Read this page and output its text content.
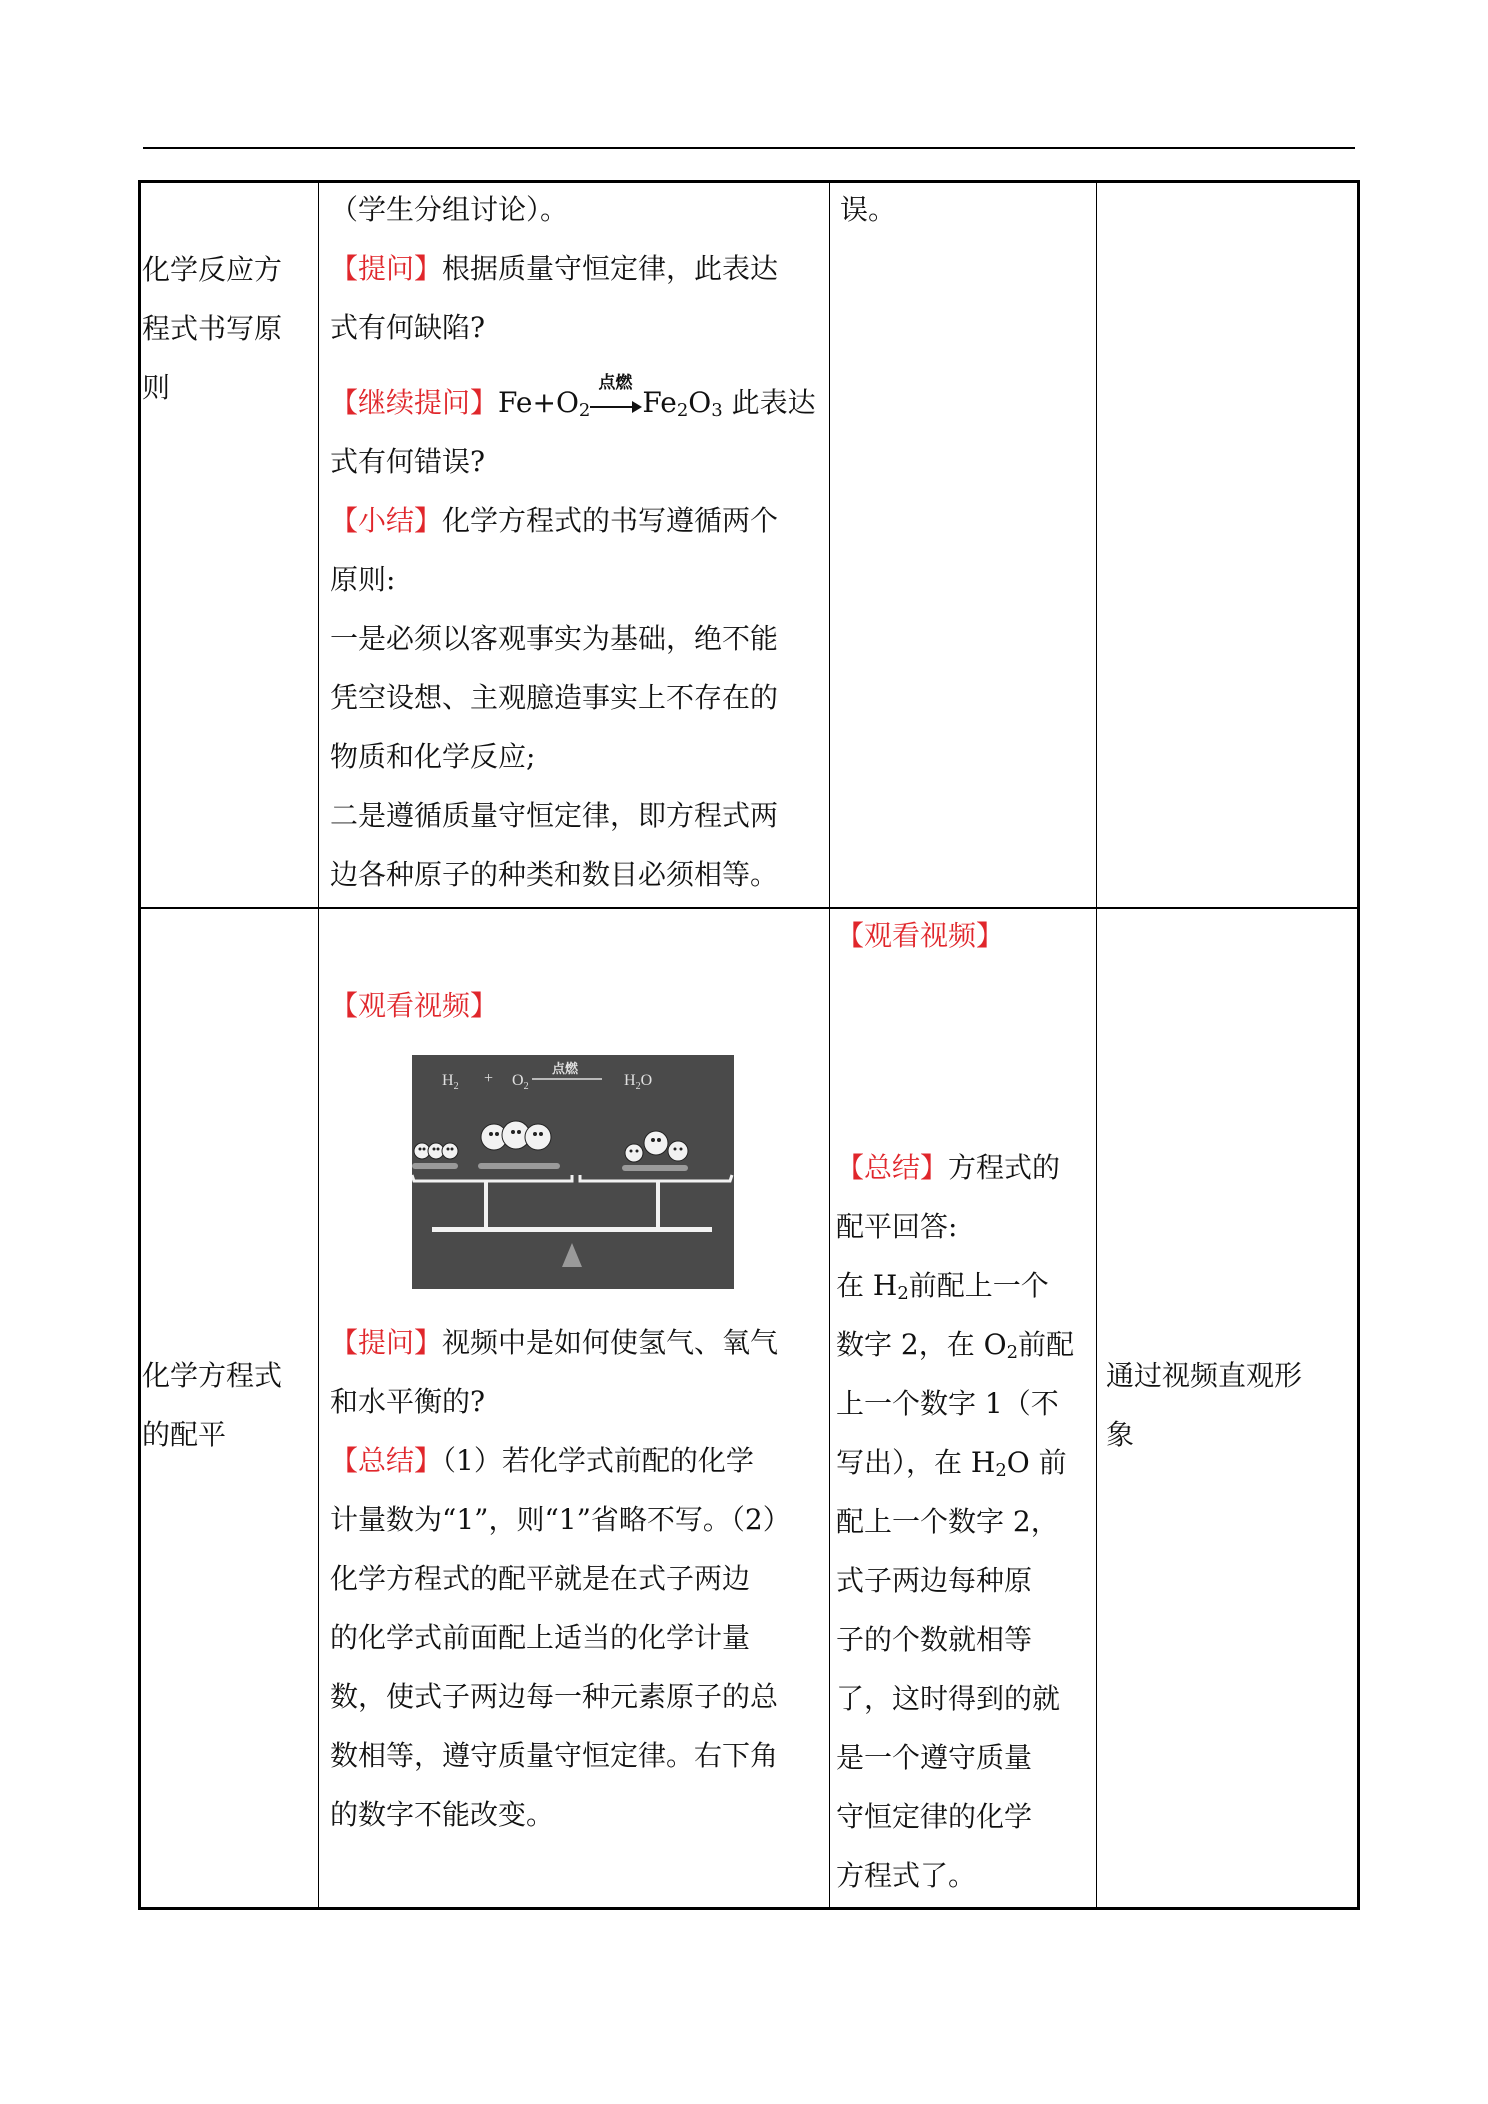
化学反应方
程式书写原
则
（学生分组讨论）。
【提问】根据质量守恒定律，此表达
式有何缺陷?
【继续提问】$Fe+O_2$
点燃
$Fe_2O_3$ 此表达
式有何错误?
【小结】化学方程式的书写遵循两个
原则:
一是必须以客观事实为基础，绝不能
凭空设想、主观臆造事实上不存在的
物质和化学反应;
二是遵循质量守恒定律，即方程式两
边各种原子的种类和数目必须相等。
误。
化学方程式
的配平
【观看视频】
$H_2 + O_2$
点燃
$H_2O$
【提问】视频中是如何使氢气、氧气
和水平衡的?
【总结】（1）若化学式前配的化学
计量数为“1”，则“1”省略不写。（2）
化学方程式的配平就是在式子两边
的化学式前面配上适当的化学计量
数，使式子两边每一种元素原子的总
数相等，遵守质量守恒定律。右下角
的数字不能改变。
【观看视频】
【总结】方程式的
配平回答:
在 $H_2$前配上一个
数字 2，在 $O_2$前配
上一个数字 1（不
写出），在 $H_2O$ 前
配上一个数字 2，
式子两边每种原
子的个数就相等
了，这时得到的就
是一个遵守质量
守恒定律的化学
方程式了。
通过视频直观形
象
